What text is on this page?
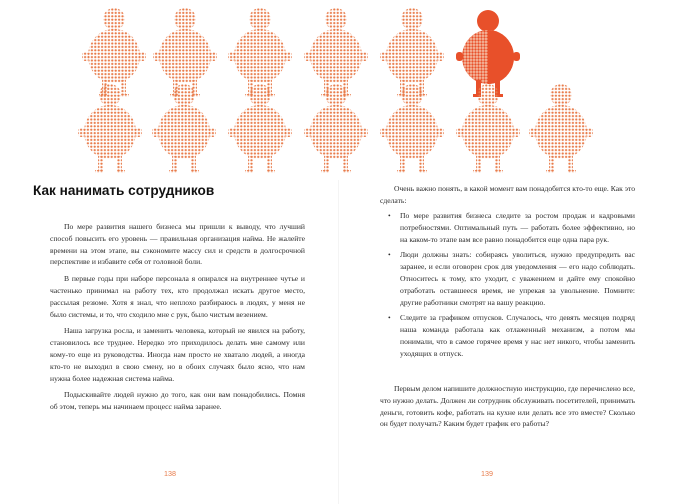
Как нанимать сотрудников

По мере развития нашего бизнеса мы пришли к выводу, что лучший способ повысить его уровень — правильная организация найма. Не жалейте времени на этом этапе, вы сэкономите массу сил и средств в долгосрочной перспективе и избавите себя от головной боли.

В первые годы при наборе персонала я опирался на внутреннее чутье и частенько принимал на работу тех, кто продолжал искать другое место, рассылая резюме. Хотя я знал, что неплохо разбираюсь в людях, у меня не было системы, и то, что сходило мне с рук, было чистым везением.

Наша загрузка росла, и заменить человека, который не явился на работу, становилось все труднее. Нередко это приходилось делать мне самому или кому-то еще из руководства. Иногда нам просто не хватало людей, а иногда кто-то не выходил в свою смену, но в обоих случаях было ясно, что нам нужна более надежная система найма.

Подыскивайте людей нужно до того, как они вам понадобились. Помня об этом, теперь мы начинаем процесс найма заранее.

138

Очень важно понять, в какой момент вам понадобится кто-то еще. Как это сделать:

• По мере развития бизнеса следите за ростом продаж и кадровыми потребностями. Оптимальный путь — работать более эффективно, но на каком-то этапе вам все равно понадобится еще одна пара рук.
• Люди должны знать: собираясь уволиться, нужно предупредить вас заранее, и если оговорен срок для уведомления — его надо соблюдать. Относитесь к тому, кто уходит, с уважением и дайте ему спокойно отработать оставшееся время, не упрекая за увольнение. Помните: другие работники смотрят на вашу реакцию.
• Следите за графиком отпусков. Случалось, что девять месяцев подряд наша команда работала как отлаженный механизм, а потом мы понимали, что в самое горячее время у нас нет никого, чтобы заменить уходящих в отпуск.

Первым делом напишите должностную инструкцию, где перечислено все, что нужно делать. Должен ли сотрудник обслуживать посетителей, принимать деньги, готовить кофе, работать на кухне или делать все это вместе? Сколько он будет получать? Каким будет график его работы?

139
